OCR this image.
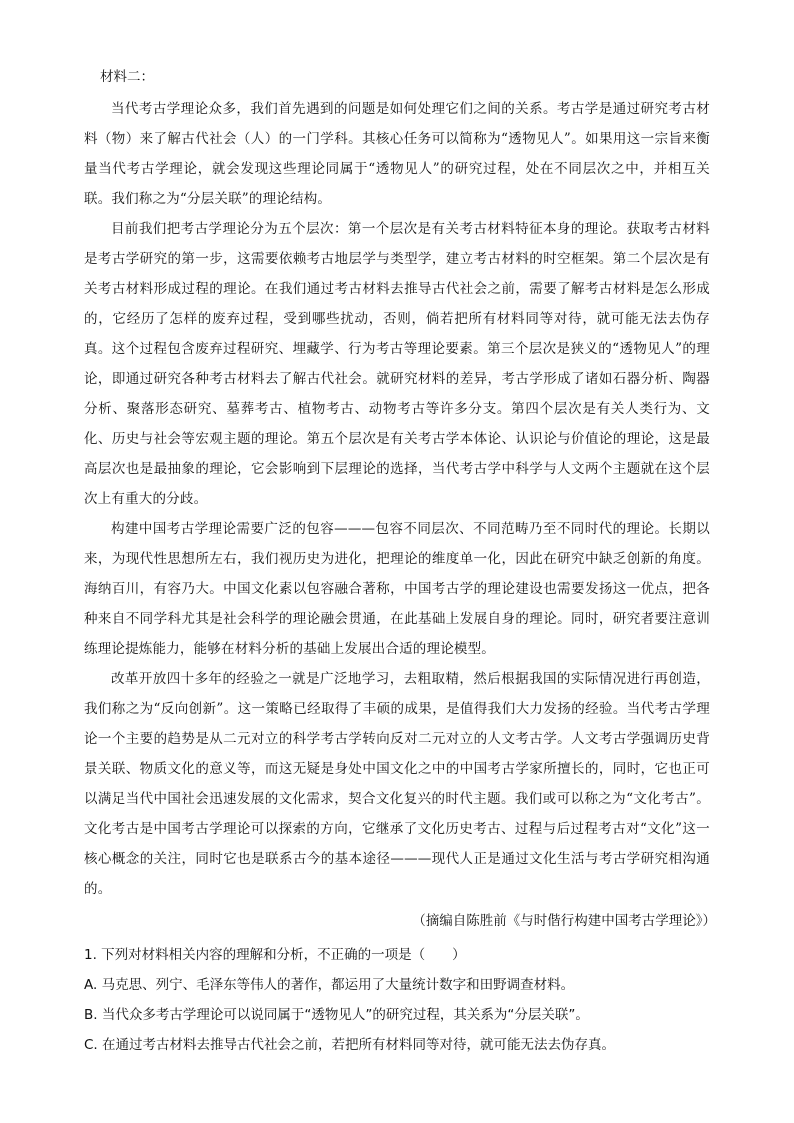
材料二：

当代考古学理论众多，我们首先遇到的问题是如何处理它们之间的关系。考古学是通过研究考古材料（物）来了解古代社会（人）的一门学科。其核心任务可以简称为“透物见人”。如果用这一宗旨来衡量当代考古学理论，就会发现这些理论同属于“透物见人”的研究过程，处在不同层次之中，并相互关联。我们称之为“分层关联”的理论结构。

目前我们把考古学理论分为五个层次：第一个层次是有关考古材料特征本身的理论。获取考古材料是考古学研究的第一步，这需要依赖考古地层学与类型学，建立考古材料的时空框架。第二个层次是有关考古材料形成过程的理论。在我们通过考古材料去推导古代社会之前，需要了解考古材料是怎么形成的，它经历了怎样的废弃过程，受到哪些扰动，否则，倘若把所有材料同等对待，就可能无法去伪存真。这个过程包含废弃过程研究、埋藏学、行为考古等理论要素。第三个层次是狭义的“透物见人”的理论，即通过研究各种考古材料去了解古代社会。就研究材料的差异，考古学形成了诸如石器分析、陶器分析、聚落形态研究、墓葬考古、植物考古、动物考古等许多分支。第四个层次是有关人类行为、文化、历史与社会等宏观主题的理论。第五个层次是有关考古学本体论、认识论与价值论的理论，这是最高层次也是最抽象的理论，它会影响到下层理论的选择，当代考古学中科学与人文两个主题就在这个层次上有重大的分歧。

构建中国考古学理论需要广泛的包容———包容不同层次、不同范畴乃至不同时代的理论。长期以来，为现代性思想所左右，我们视历史为进化，把理论的维度单一化，因此在研究中缺乏创新的角度。海纳百川，有容乃大。中国文化素以包容融合著称，中国考古学的理论建设也需要发扬这一优点，把各种来自不同学科尤其是社会科学的理论融会贯通，在此基础上发展自身的理论。同时，研究者要注意训练理论提炼能力，能够在材料分析的基础上发展出合适的理论模型。

改革开放四十多年的经验之一就是广泛地学习，去粗取精，然后根据我国的实际情况进行再创造，我们称之为“反向创新”。这一策略已经取得了丰硕的成果，是值得我们大力发扬的经验。当代考古学理论一个主要的趋势是从二元对立的科学考古学转向反对二元对立的人文考古学。人文考古学强调历史背景关联、物质文化的意义等，而这无疑是身处中国文化之中的中国考古学家所擅长的，同时，它也正可以满足当代中国社会迅速发展的文化需求，契合文化复兴的时代主题。我们或可以称之为“文化考古”。文化考古是中国考古学理论可以探索的方向，它继承了文化历史考古、过程与后过程考古对“文化”这一核心概念的关注，同时它也是联系古今的基本途径———现代人正是通过文化生活与考古学研究相沟通的。

（摘编自陈胜前《与时偕行构建中国考古学理论》）

1. 下列对材料相关内容的理解和分析，不正确的一项是（　　）

A. 马克思、列宁、毛泽东等伟人的著作，都运用了大量统计数字和田野调查材料。

B. 当代众多考古学理论可以说同属于“透物见人”的研究过程，其关系为“分层关联”。

C. 在通过考古材料去推导古代社会之前，若把所有材料同等对待，就可能无法去伪存真。
